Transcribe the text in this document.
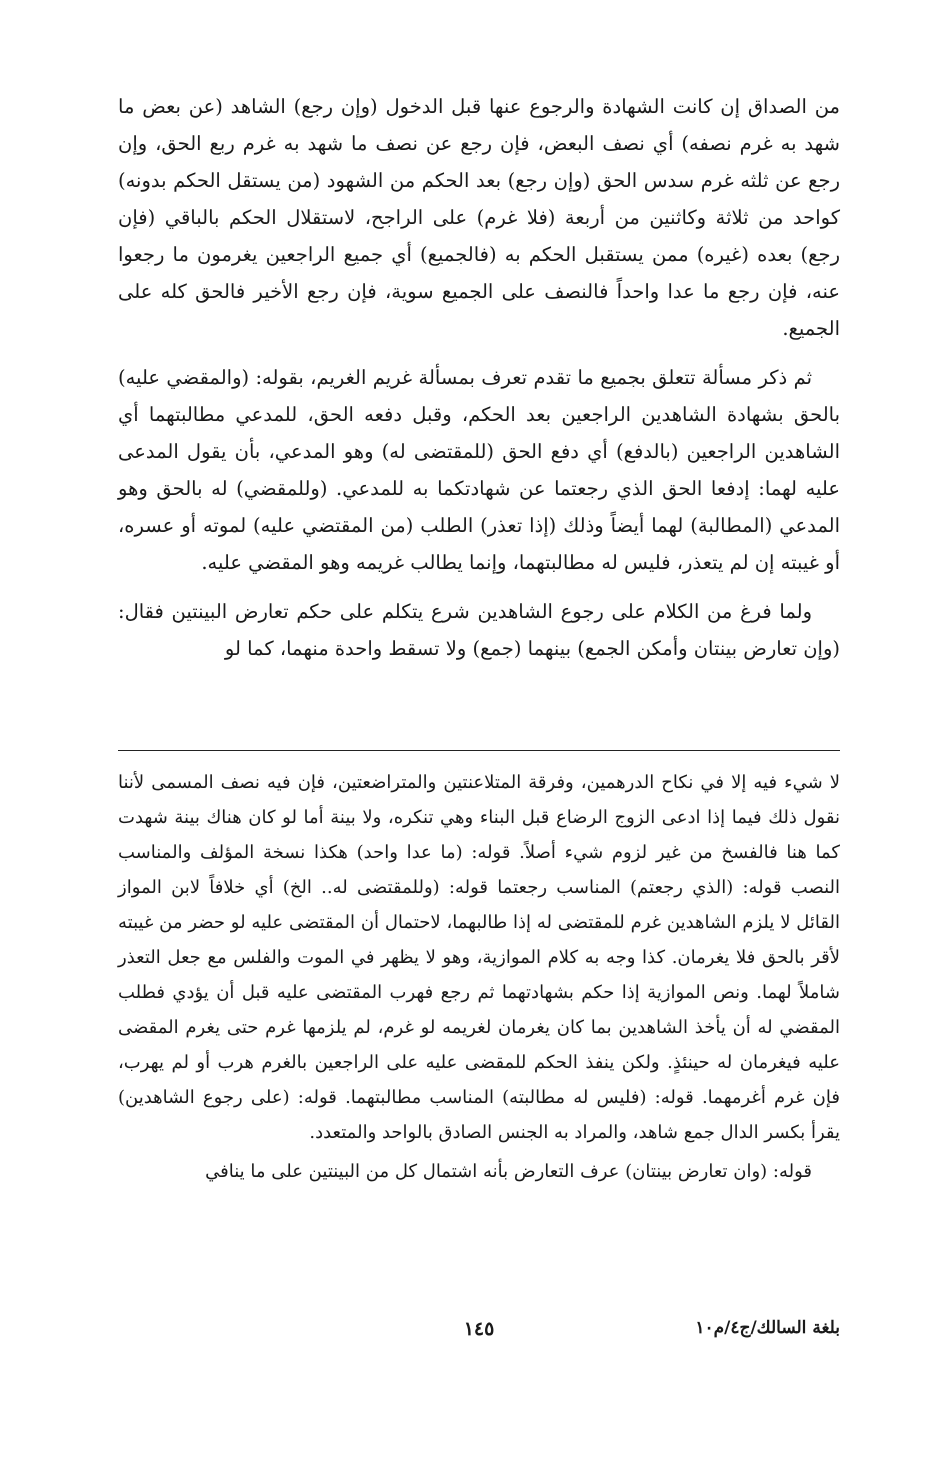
من الصداق إن كانت الشهادة والرجوع عنها قبل الدخول (وإن رجع) الشاهد (عن بعض ما شهد به غرم نصفه) أي نصف البعض، فإن رجع عن نصف ما شهد به غرم ربع الحق، وإن رجع عن ثلثه غرم سدس الحق (وإن رجع) بعد الحكم من الشهود (من يستقل الحكم بدونه) كواحد من ثلاثة وكاثنين من أربعة (فلا غرم) على الراجح، لاستقلال الحكم بالباقي (فإن رجع) بعده (غيره) ممن يستقبل الحكم به (فالجميع) أي جميع الراجعين يغرمون ما رجعوا عنه، فإن رجع ما عدا واحداً فالنصف على الجميع سوية، فإن رجع الأخير فالحق كله على الجميع.

ثم ذكر مسألة تتعلق بجميع ما تقدم تعرف بمسألة غريم الغريم، بقوله: (والمقضي عليه) بالحق بشهادة الشاهدين الراجعين بعد الحكم، وقبل دفعه الحق، للمدعي مطالبتهما أي الشاهدين الراجعين (بالدفع) أي دفع الحق (للمقتضى له) وهو المدعي، بأن يقول المدعى عليه لهما: إدفعا الحق الذي رجعتما عن شهادتكما به للمدعي. (وللمقضي) له بالحق وهو المدعي (المطالبة) لهما أيضاً وذلك (إذا تعذر) الطلب (من المقتضي عليه) لموته أو عسره، أو غيبته إن لم يتعذر، فليس له مطالبتهما، وإنما يطالب غريمه وهو المقضي عليه.

ولما فرغ من الكلام على رجوع الشاهدين شرع يتكلم على حكم تعارض البينتين فقال: (وإن تعارض بينتان وأمكن الجمع) بينهما (جمع) ولا تسقط واحدة منهما، كما لو

لا شيء فيه إلا في نكاح الدرهمين، وفرقة المتلاعنتين والمتراضعتين، فإن فيه نصف المسمى لأننا نقول ذلك فيما إذا ادعى الزوج الرضاع قبل البناء وهي تنكره، ولا بينة أما لو كان هناك بينة شهدت كما هنا فالفسخ من غير لزوم شيء أصلاً. قوله: (ما عدا واحد) هكذا نسخة المؤلف والمناسب النصب قوله: (الذي رجعتم) المناسب رجعتما قوله: (وللمقتضى له.. الخ) أي خلافاً لابن المواز القائل لا يلزم الشاهدين غرم للمقتضى له إذا طالبهما، لاحتمال أن المقتضى عليه لو حضر من غيبته لأقر بالحق فلا يغرمان. كذا وجه به كلام الموازية، وهو لا يظهر في الموت والفلس مع جعل التعذر شاملاً لهما. ونص الموازية إذا حكم بشهادتهما ثم رجع فهرب المقتضى عليه قبل أن يؤدي فطلب المقضي له أن يأخذ الشاهدين بما كان يغرمان لغريمه لو غرم، لم يلزمها غرم حتى يغرم المقضى عليه فيغرمان له حينئذٍ. ولكن ينفذ الحكم للمقضى عليه على الراجعين بالغرم هرب أو لم يهرب، فإن غرم أغرمهما. قوله: (فليس له مطالبته) المناسب مطالبتهما. قوله: (على رجوع الشاهدين) يقرأ بكسر الدال جمع شاهد، والمراد به الجنس الصادق بالواحد والمتعدد.

قوله: (وان تعارض بينتان) عرف التعارض بأنه اشتمال كل من البينتين على ما ينافي

بلغة السالك/ج٤/م١٠
١٤٥
